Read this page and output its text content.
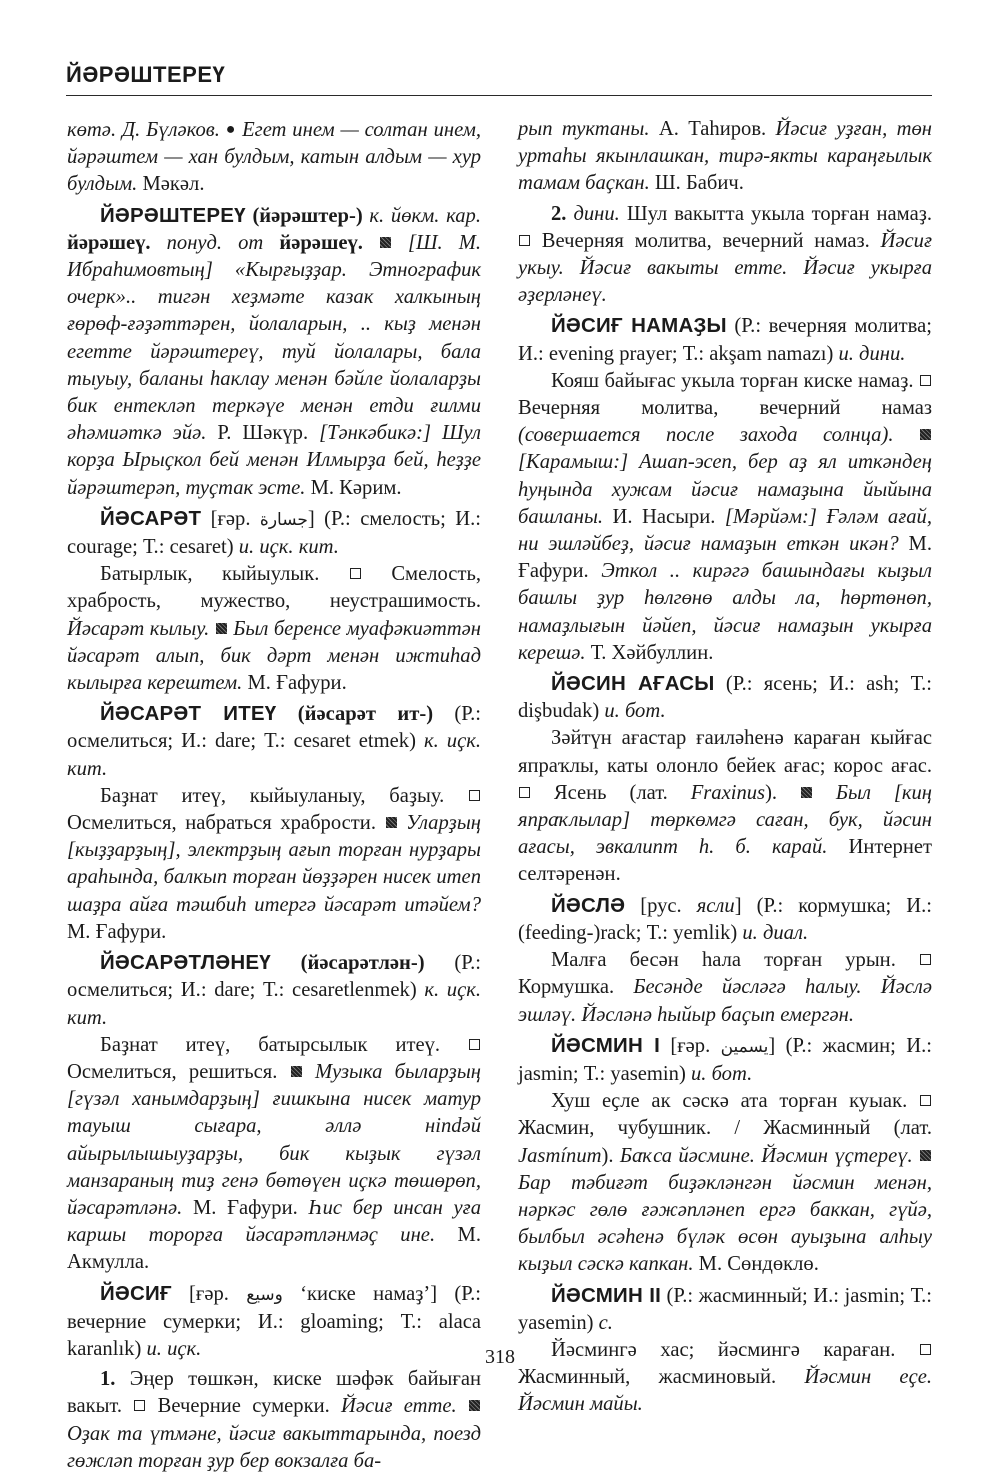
ЙӘРӘШТЕРЕҮ

көтә. Д. Бүләков. ● Егет инем — солтан инем, йәрәштем — хан булдым, катын алдым — хур булдым. Мәкәл.

ЙӘРӘШТЕРЕҮ (йәрәштер-) к. йөкм. кар. йәрәшеү. понуд. от йәрәшеү.  [Ш. М. Ибраһимовтың] «Кырғыҙҙар. Этнографик очерк».. тигән хеҙмәте казак халкының ғөрөф-ғәҙәттәрен, йолаларын, .. кыҙ менән егетте йәрәштереү, туй йолалары, бала тыуыу, баланы һаклау менән бәйле йолаларҙы бик ентекләп теркәүе менән етди ғилми әһәмиәткә эйә. Р. Шәкүр. [Тәнкәбикә:] Шул корҙа Ырыҫкол бей менән Илмырҙа бей, һеҙҙе йәрәштерәп, туҫтак эсте. М. Кәрим.

ЙӘСАРӘТ [ғәр. جسارة] (Р.: смелость; И.: courage; Т.: cesaret) и. иҫк. кит.

Батырлык, кыйыулык.  Смелость, храбрость, мужество, неустрашимость. Йәсарәт кылыу.  Был беренсе муафәкиәттән йәсарәт алып, бик дәрт менән ижтиһад кылырға керештем. М. Ғафури.

ЙӘСАРӘТ ИТЕҮ (йәсарәт ит-) (Р.: осмелиться; И.: dare; Т.: cesaret etmek) к. иҫк. кит.

Баҙнат итеү, кыйыуланыу, баҙыу.  Осмелиться, набраться храбрости.  Уларҙың [кыҙҙарҙың], электрҙың ағып торған нурҙары араһында, балкып торған йөҙҙәрен нисек итеп шаҙра айға тәшбиһ итергә йәсарәт итәйем? М. Ғафури.

ЙӘСАРӘТЛӘНЕҮ (йәсарәтлән-) (Р.: осмелиться; И.: dare; Т.: cesaretlenmek) к. иҫк. кит.

Баҙнат итеү, батырсылык итеү.  Осмелиться, решиться.  Музыка быларҙың [гүзәл ханымдарҙың] ғишкына нисек матур тауыш сығара, әллә нindәй айырылышыуҙарҙы, бик кыҙык гүзәл манзараның тиҙ генә бөтөүен иҫкә төшөрөп, йәсарәтләнә. М. Ғафури. Һис бер инсан уға каршы торорға йәсарәтләнмәҫ ине. М. Акмулла.

ЙӘСИҒ [ғәр. وسيع ‘киске намаҙ’] (Р.: вечерние сумерки; И.: gloaming; Т.: alaca karanlık) и. иҫк.

1. Эңер төшкән, киске шәфәк байыған вакыт.  Вечерние сумерки. Йәсиғ етте.  Оҙак та үтмәне, йәсиғ вакыттарында, поезд гөжләп торған ҙур бер вокзалға ба-

рып туктаны. А. Таһиров. Йәсиғ уҙған, төн уртаһы якынлашкан, тирә-якты караңғылык тамам баҫкан. Ш. Бабич.

2. дини. Шул вакытта укыла торған намаҙ.  Вечерняя молитва, вечерний намаз. Йәсиғ укыу. Йәсиғ вакыты етте. Йәсиғ укырға әҙерләнеү.

ЙӘСИҒ НАМАҘЫ (Р.: вечерняя молитва; И.: evening prayer; Т.: akşam namazı) и. дини.

Кояш байығас укыла торған киске намаҙ.  Вечерняя молитва, вечерний намаз (совершается после захода солнца).  [Карамыш:] Ашап-эсеп, бер аҙ ял иткәндең һуңында хужам йәсиғ намаҙына йыйына башланы. И. Насыри. [Мәрйәм:] Ғәләм ағай, ни эшләйбеҙ, йәсиғ намаҙын еткән икән? М. Ғафури. Эткол .. кирәгә башындағы кыҙыл башлы ҙур һөлгөнө алды ла, һөртөнөп, намаҙлығын йәйеп, йәсиғ намаҙын укырға керешә. Т. Хәйбуллин.

ЙӘСИН АҒАСЫ (Р.: ясень; И.: ash; Т.: dişbudak) и. бот.

Зәйтүн ағастар ғаиләһенә караған кыйғас япраҡлы, каты олонло бейек ағас; корос ағас.  Ясень (лат. Fraxinus).  Был [киң япраҡлылар] төркөмгә саған, бук, йәсин ағасы, эвкалипт һ. б. карай. Интернет селтәренән.

ЙӘСЛӘ [рус. ясли] (Р.: кормушка; И.: (feeding-)rack; Т.: yemlik) и. диал.

Малға бесән һала торған урын.  Кормушка. Бесәнде йәсләгә һалыу. Йәслә эшләү. Йәсләнә һыйыр баҫып емергән.

ЙӘСМИН I [ғәр. يسمين] (Р.: жасмин; И.: jasmin; Т.: yasemin) и. бот.

Хуш еҫле ак сәскә ата торған куыак.  Жасмин, чубушник. / Жасминный (лат. Jasmínum). Баҡса йәсмине. Йәсмин үҫтереү.  Бар тәбиғәт биҙәкләнгән йәсмин менән, нәркәс гөлө ғәжәпләнеп ергә баккан, гүйә, былбыл әсәһенә бүләк өсөн ауыҙына алһыу кыҙыл сәскә капкан. М. Сөндөклө.

ЙӘСМИН II (Р.: жасминный; И.: jasmin; Т.: yasemin) с.

Йәсмингә хас; йәсмингә караған.  Жасминный, жасминовый. Йәсмин еҫе. Йәсмин майы.

318
